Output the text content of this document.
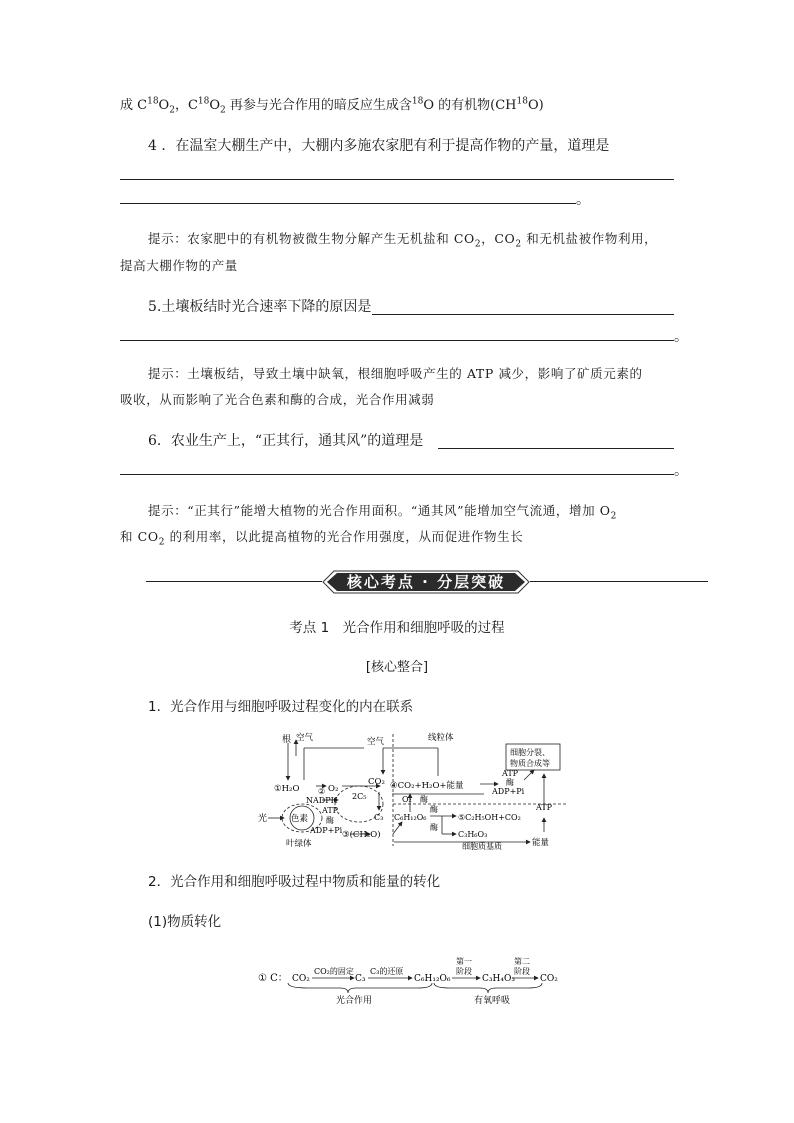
成 $C^{18}O_2$，$C^{18}O_2$ 再参与光合作用的暗反应生成含$^{18}$O 的有机物(CH$^{18}$O)
4 ．在温室大棚生产中，大棚内多施农家肥有利于提高作物的产量，道理是
。
提示：农家肥中的有机物被微生物分解产生无机盐和 $CO_2$，$CO_2$ 和无机盐被作物利用，
提高大棚作物的产量
5.土壤板结时光合速率下降的原因是
。
提示：土壤板结，导致土壤中缺氧，根细胞呼吸产生的 ATP 减少，影响了矿质元素的
吸收，从而影响了光合色素和酶的合成，光合作用减弱
6．农业生产上，“正其行，通其风”的道理是
。
提示：“正其行”能增大植物的光合作用面积。“通其风”能增加空气流通，增加 $O_2$
和 $CO_2$ 的利用率，以此提高植物的光合作用强度，从而促进作物生长
核心考点 · 分层突破
考点 1　光合作用和细胞呼吸的过程
[核心整合]
1．光合作用与细胞呼吸过程变化的内在联系
根 空气	空气
①H₂O	O₂
CO₂
NADPH
②
2C₅
ATP
酶
ADP+Pi
C₃
光	色素
③(CH₂O)
叶绿体
线粒体
④CO₂+H₂O+能量
O₂ 酶
ATP
酶
ADP+Pi
细胞分裂、
物质合成等
C₆H₁₂O₆
酶
⑤C₂H₅OH+CO₂
ATP
酶
C₃H₆O₃
能量
细胞质基质
2．光合作用和细胞呼吸过程中物质和能量的转化
(1)物质转化
① C： CO₂
CO₂的固定
C₃
C₃的还原
C₆H₁₂O₆
第一
阶段
C₃H₄O₃
第二
阶段
CO₂
光合作用	有氧呼吸
